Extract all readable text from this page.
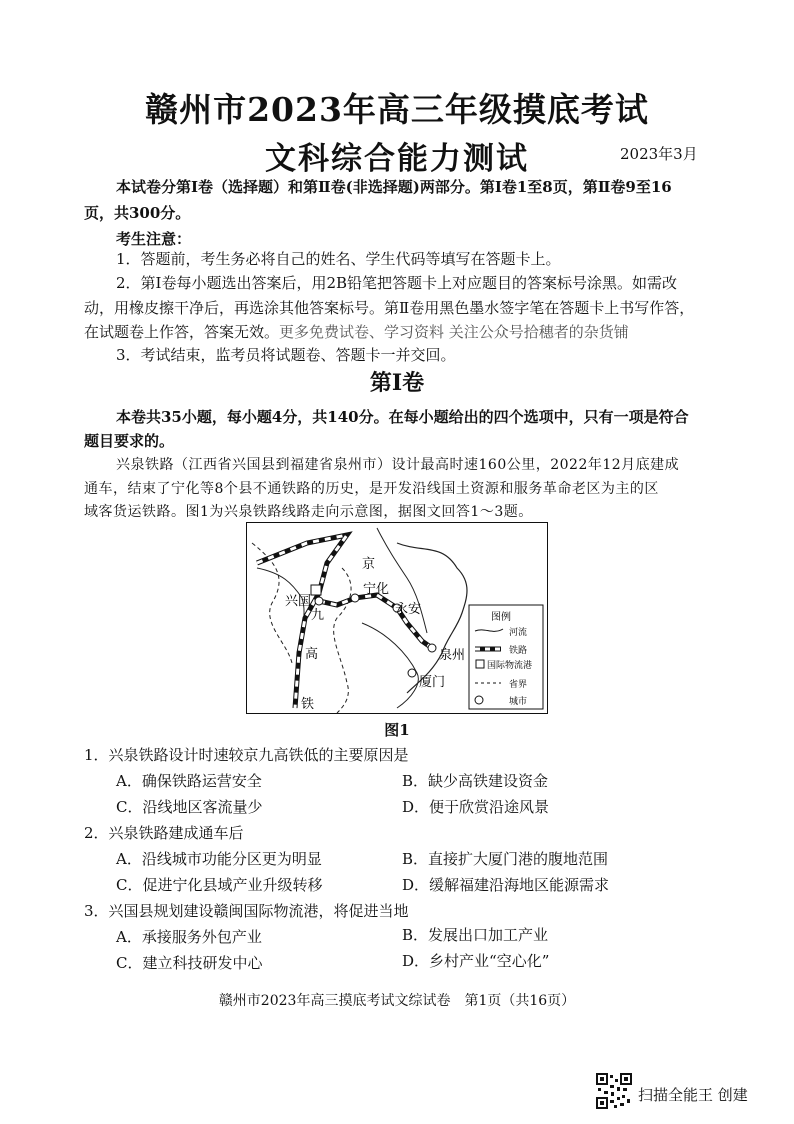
赣州市2023年高三年级摸底考试
文科综合能力测试	2023年3月
本试卷分第Ⅰ卷（选择题）和第Ⅱ卷(非选择题)两部分。第Ⅰ卷1至8页，第Ⅱ卷9至16
页，共300分。
考生注意：
1．答题前，考生务必将自己的姓名、学生代码等填写在答题卡上。
2．第Ⅰ卷每小题选出答案后，用2B铅笔把答题卡上对应题目的答案标号涂黑。如需改
动，用橡皮擦干净后，再选涂其他答案标号。第Ⅱ卷用黑色墨水签字笔在答题卡上书写作答，
在试题卷上作答，答案无效。更多免费试卷、学习资料 关注公众号拾穗者的杂货铺
3．考试结束，监考员将试题卷、答题卡一并交回。
第Ⅰ卷
本卷共35小题，每小题4分，共140分。在每小题给出的四个选项中，只有一项是符合
题目要求的。
兴泉铁路（江西省兴国县到福建省泉州市）设计最高时速160公里，2022年12月底建成
通车，结束了宁化等8个县不通铁路的历史，是开发沿线国土资源和服务革命老区为主的区
域客货运铁路。图1为兴泉铁路线路走向示意图，据图文回答1～3题。
京
兴国
九
高
铁
宁化
永安
泉州
厦门
图例
河流
铁路
国际物流港
省界
城市
图1
1．兴泉铁路设计时速较京九高铁低的主要原因是
A．确保铁路运营安全	B．缺少高铁建设资金
C．沿线地区客流量少	D．便于欣赏沿途风景
2．兴泉铁路建成通车后
A．沿线城市功能分区更为明显	B．直接扩大厦门港的腹地范围
C．促进宁化县域产业升级转移	D．缓解福建沿海地区能源需求
3．兴国县规划建设赣闽国际物流港，将促进当地
A．承接服务外包产业	B．发展出口加工产业
C．建立科技研发中心	D．乡村产业“空心化”
赣州市2023年高三摸底考试文综试卷　第1页（共16页）
扫描全能王 创建
